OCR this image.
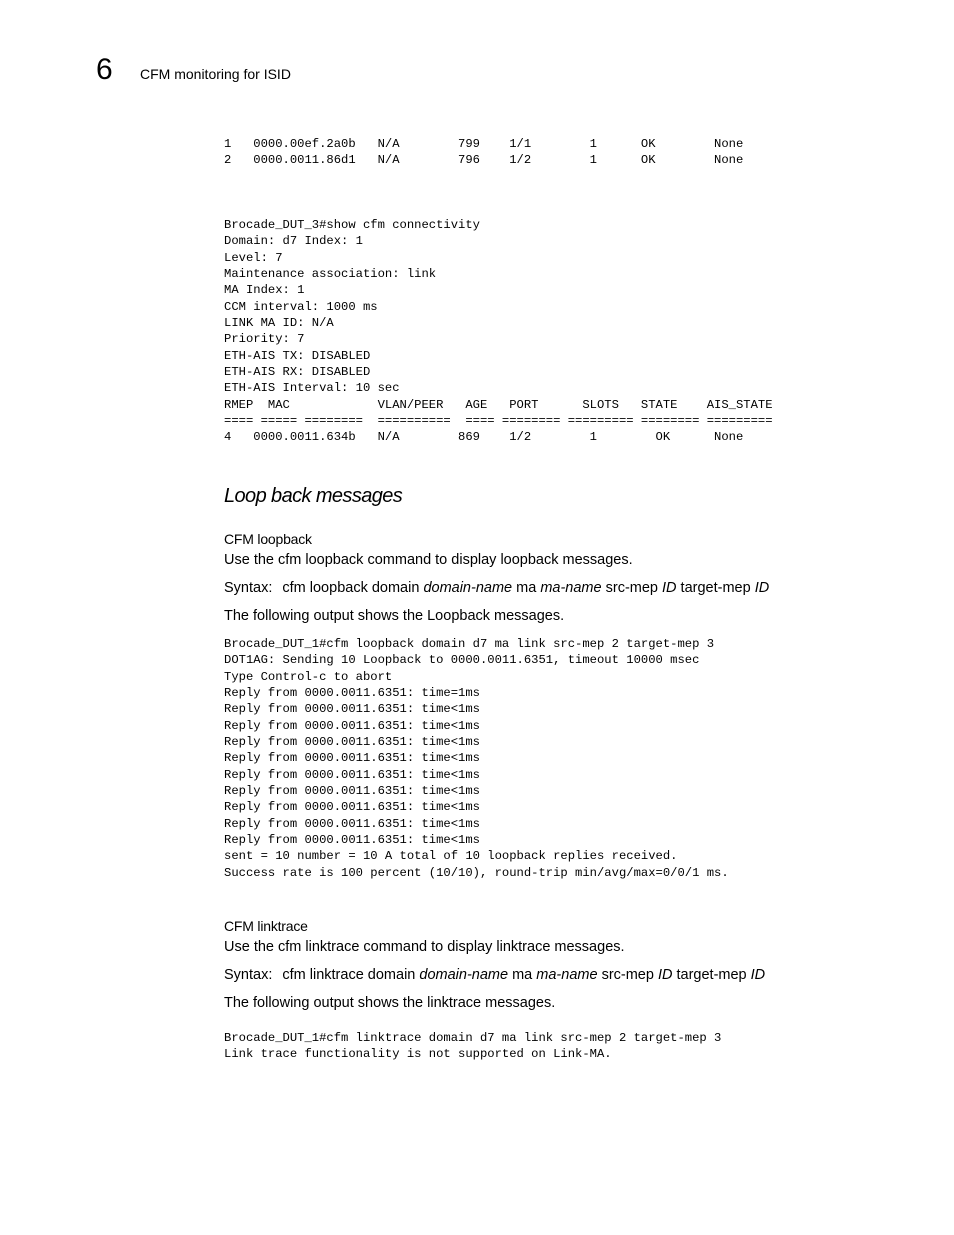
6 CFM monitoring for ISID
1   0000.00ef.2a0b   N/A        799    1/1        1      OK        None
2   0000.0011.86d1   N/A        796    1/2        1      OK        None
Brocade_DUT_3#show cfm connectivity
Domain: d7 Index: 1
Level: 7
Maintenance association: link
MA Index: 1
CCM interval: 1000 ms
LINK MA ID: N/A
Priority: 7
ETH-AIS TX: DISABLED
ETH-AIS RX: DISABLED
ETH-AIS Interval: 10 sec
RMEP  MAC            VLAN/PEER   AGE   PORT      SLOTS   STATE    AIS_STATE
==== ===== ========  ==========  ==== ======== ========= ======== =========
4   0000.0011.634b   N/A        869    1/2        1        OK      None
Loop back messages
CFM loopback
Use the cfm loopback command to display loopback messages.
Syntax: cfm loopback domain domain-name ma ma-name src-mep ID target-mep ID
The following output shows the Loopback messages.
Brocade_DUT_1#cfm loopback domain d7 ma link src-mep 2 target-mep 3
DOT1AG: Sending 10 Loopback to 0000.0011.6351, timeout 10000 msec
Type Control-c to abort
Reply from 0000.0011.6351: time=1ms
Reply from 0000.0011.6351: time<1ms
Reply from 0000.0011.6351: time<1ms
Reply from 0000.0011.6351: time<1ms
Reply from 0000.0011.6351: time<1ms
Reply from 0000.0011.6351: time<1ms
Reply from 0000.0011.6351: time<1ms
Reply from 0000.0011.6351: time<1ms
Reply from 0000.0011.6351: time<1ms
Reply from 0000.0011.6351: time<1ms
sent = 10 number = 10 A total of 10 loopback replies received.
Success rate is 100 percent (10/10), round-trip min/avg/max=0/0/1 ms.
CFM linktrace
Use the cfm linktrace command to display linktrace messages.
Syntax: cfm linktrace domain domain-name ma ma-name src-mep ID target-mep ID
The following output shows the linktrace messages.
Brocade_DUT_1#cfm linktrace domain d7 ma link src-mep 2 target-mep 3
Link trace functionality is not supported on Link-MA.
